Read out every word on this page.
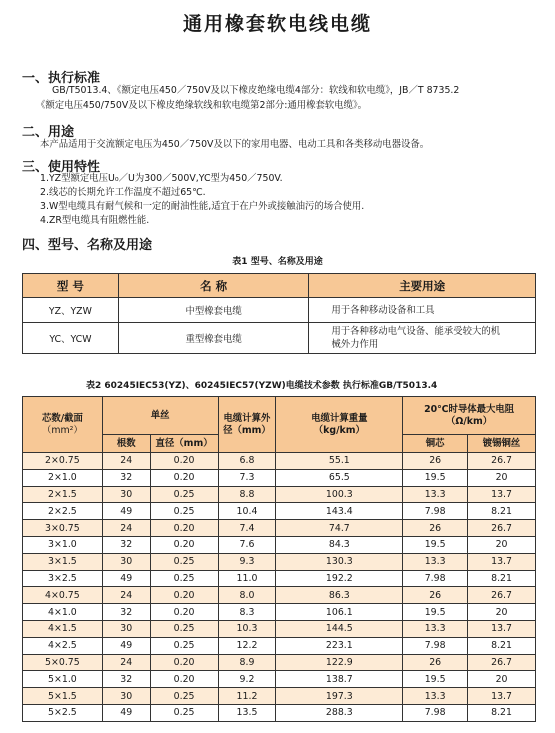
通用橡套软电线电缆
一、执行标准
GB/T5013.4、《额定电压450／750V及以下橡皮绝缘电缆4部分：软线和软电缆》，JB／T 8735.2
《额定电压450/750V及以下橡皮绝缘软线和软电缆第2部分:通用橡套软电缆》。
二、用途
本产品适用于交流额定电压为450／750V及以下的家用电器、电动工具和各类移动电器设备。
三、使用特性
1.YZ型额定电压U₀／U为300／500V,YC型为450／750V.
2.线芯的长期允许工作温度不超过65℃.
3.W型电缆具有耐气候和一定的耐油性能,适宜于在户外或接触油污的场合使用.
4.ZR型电缆具有阻燃性能.
四、型号、名称及用途
表1 型号、名称及用途
型 号	名 称	主要用途
YZ、YZW	中型橡套电缆	用于各种移动设备和工具
YC、YCW	重型橡套电缆	用于各种移动电气设备、能承受较大的机械外力作用
表2 60245IEC53(YZ)、60245IEC57(YZW)电缆技术参数 执行标准GB/T5013.4
芯数/截面
（mm²）	单丝		电缆计算外径（mm）	电缆计算重量（kg/km）	20℃时导体最大电阻（Ω/km）	
	根数	直径（mm）			铜芯	镀锡铜丝
2×0.75	24	0.20	6.8	55.1	26	26.7
2×1.0	32	0.20	7.3	65.5	19.5	20
2×1.5	30	0.25	8.8	100.3	13.3	13.7
2×2.5	49	0.25	10.4	143.4	7.98	8.21
3×0.75	24	0.20	7.4	74.7	26	26.7
3×1.0	32	0.20	7.6	84.3	19.5	20
3×1.5	30	0.25	9.3	130.3	13.3	13.7
3×2.5	49	0.25	11.0	192.2	7.98	8.21
4×0.75	24	0.20	8.0	86.3	26	26.7
4×1.0	32	0.20	8.3	106.1	19.5	20
4×1.5	30	0.25	10.3	144.5	13.3	13.7
4×2.5	49	0.25	12.2	223.1	7.98	8.21
5×0.75	24	0.20	8.9	122.9	26	26.7
5×1.0	32	0.20	9.2	138.7	19.5	20
5×1.5	30	0.25	11.2	197.3	13.3	13.7
5×2.5	49	0.25	13.5	288.3	7.98	8.21
